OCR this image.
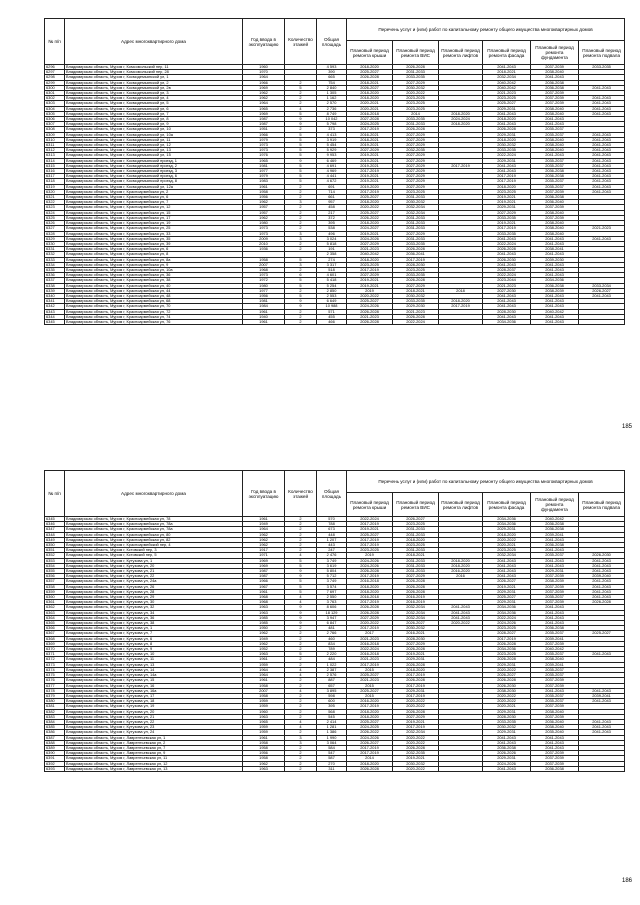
№ п/п	Адрес многоквартирного дома	Год ввода в эксплуатацию	Количество этажей	Общая площадь	Перечень услуг и (или) работ по капитальному ремонту общего имущества многоквартирных домов					
					Плановый период ремонта крыши	Плановый период ремонта ВИС	Плановый период ремонта лифтов	Плановый период ремонта фасада	Плановый период ремонта фундамента	Плановый период ремонта подвала
6296	Владимирская область, Муром г, Комсомольский пер, 11	1960		4 593	2018-2020	2026-2028		2041-2043	2037-2039	2033-2035
6297	Владимирская область, Муром г, Комсомольский пер, 28	1970		390	2025-2027	2031-2033		2018-2021	2038-2040	
6298	Владимирская область, Муром г, Космодемьянской ул, 1	1964		665	2026-2028	2033-2035		2032-2034	2041-2043	
6299	Владимирская область, Муром г, Космодемьянской ул, 2	1966	2	754	2018-2021	2027-2029		2040-2042	2036-2038	
6300	Владимирская область, Муром г, Космодемьянской ул, 2в	1969	5	2 840	2026-2027	2030-2032		2040-2042	2036-2038	2041-2043
6301	Владимирская область, Муром г, Космодемьянской ул, 3	1962	2	1 305	2018-2020	2020-2022		2021-2023	2037-2039	
6302	Владимирская область, Муром г, Космодемьянской ул, 4	1962	2	1 162	2018-2020	2023-2025		2023-2025	2037-2039	2041-2043
6303	Владимирская область, Муром г, Космодемьянской ул, 5	1964	2	2 570	2020-2021	2023-2025		2025-2027	2037-2039	2041-2043
6304	Владимирская область, Муром г, Космодемьянской ул, 6	1965	4	2 736	2020-2021	2023-2025		2029-2031	2038-2040	2041-2043
6305	Владимирская область, Муром г, Космодемьянской ул, 7	1969	5	8 749	2016-2018	2014	2018-2020	2041-2043	2038-2040	2041-2043
6306	Владимирская область, Муром г, Космодемьянской ул, 8	1987	9	10 042	2027-2028	2033-2035	2024-2024	2018-2020	2041-2043	
6307	Владимирская область, Муром г, Космодемьянской ул, 9	1987	9	5 798	2024-2025	2031-2033	2018-2020	2041-2043	2041-2043	
6308	Владимирская область, Муром г, Космодемьянской ул, 10	1951	2	373	2017-2019	2026-2028		2026-2028	2035-2037	
6309	Владимирская область, Муром г, Космодемьянской ул, 10а	1966	5	4 413	2016-2021	2027-2029		2029-2031	2035-2037	2041-2043
6310	Владимирская область, Муром г, Космодемьянской ул, 11	1979	5	3 919	2018-2021	2027-2029		2018-2020	2038-2040	2041-2043
6311	Владимирская область, Муром г, Космодемьянской ул, 12	1973	5	5 454	2019-2021	2027-2029		2030-2032	2038-2040	2041-2043
6312	Владимирская область, Муром г, Космодемьянской ул, 13	1973	5	5 929	2027-2029	2032-2035		2033-2035	2038-2040	2041-2043
6313	Владимирская область, Муром г, Космодемьянской ул, 15	1976	5	9 953	2019-2021	2027-2029		2022-2024	2041-2043	2041-2043
6314	Владимирская область, Муром г, Космодемьянский проезд, 1	1965	9	6 469	2019-2021	2027-2029		2029-2031	2035-2037	2041-2043
6315	Владимирская область, Муром г, Космодемьянский проезд, 2	1981	5	4 691	2019-2021	2027-2029	2017-2019	2041-2043	2035-2037	2041-2043
6316	Владимирская область, Муром г, Космодемьянский проезд, 3	1977	5	4 969	2017-2019	2027-2029		2041-2043	2036-2038	2041-2043
6317	Владимирская область, Муром г, Космодемьянский проезд, 6	1979	5	4 441	2019-2021	2027-2029		2017-2019	2036-2038	2041-2043
6318	Владимирская область, Муром г, Космодемьянской проезд, 8	1983	5	4 672	2019-2021	2027-2029		2017-2019	2035-2037	2041-2043
6319	Владимирская область, Муром г, Космодемьянской ул, 12а	1961	2	691	2019-2020	2027-2029		2018-2020	2035-2037	2041-2043
6320	Владимирская область, Муром г, Красноармейская ул, 2	1958	2	714	2017-2019	2023-2025		2023-2025	2037-2039	2041-2043
6321	Владимирская область, Муром г, Красноармейская ул, 6	1956	2	661	2025-2027	2031-2033		2019-2021	2036-2038	
6322	Владимирская область, Муром г, Красноармейская ул, 7	1962	3	957	2018-2020	2030-2032		2019-2021	2036-2040	
6323	Владимирская область, Муром г, Красноармейская ул, 12	1957	2	458	2020-2022	2032-2034		2029-2031	2037-2039	
6324	Владимирская область, Муром г, Красноармейская ул, 15	1957	2	217	2025-2027	2032-2034		2027-2029	2038-2040	
6325	Владимирская область, Муром г, Красноармейская ул, 17	1962	2	372	2026-2022	2031-2033		2033-2035	2037-2039	
6326	Владимирская область, Муром г, Красноармейская ул, 19	1980	2	395	2018-2020	2031-2033		2019-2021	2038-2040	
6327	Владимирская область, Муром г, Красноармейская ул, 25	1973	2	538	2024-2027	2031-2033		2017-2019	2038-2040	2021-2023
6328	Владимирская область, Муром г, Красноармейская ул, 33	1973	3	496	2019-2021	2027-2029		2033-2035	2038-2040	
6329	Владимирская область, Муром г, Красноармейская ул, 35	2009	3	3 024	2024-2026	2031-2033		2041-2043	2041-2043	2041-2043
6330	Владимирская область, Муром г, Красноармейская ул, 39	2010	2	5 818	2027-2029	2033-2035		2022-2024	2041-2043	
6331	Владимирская область, Муром г, Красноармейская ул, 6	1936	2	191	2021-2023	2026-2028		2026-2028	2038-2041	
6332	Владимирская область, Муром г, Красноармейская ул, 8			2 358	2040-2042	2036-2041		2041-2043	2041-2043	
6333	Владимирская область, Муром г, Красноармейская ул, 8а	1958	5	274	2018-2020	2017-2019		2026-2030	2039-2030	
6334	Владимирская область, Муром г, Красноармейская ул, 9	2007	3	3 317	2023-2025	2028-2030		2041-2043	2041-2043	
6335	Владимирская область, Муром г, Красноармейская ул, 10а	1968	2	518	2017-2019	2023-2025		2028-2037	2041-2043	
6336	Владимирская область, Муром г, Красноармейская ул, 36	1973	6	4 601	2027-2029	2033-2035		2022-2024	2041-2043	
6337	Владимирская область, Муром г, Красноармейская ул, 38	1972	5	5 418	2019-2021	2026-2028		2023-2044	2034-2036	
6338	Владимирская область, Муром г, Красноармейская ул, 40	1980	5	5 254	2019-2021	2027-2029		2021-2023	2036-2038	2033-2034
6339	Владимирская область, Муром г, Красноармейская ул, 44	1977	2	2 850	2019	2018-2021	2018	2027-2030	2038-2039	2026-2027
6340	Владимирская область, Муром г, Красноармейская ул, 48	1956	5	2 553	2020-2022	2030-2032		2041-2043	2041-2043	2041-2043
6341	Владимирская область, Муром г, Красноармейская ул, 68	1981	9	6 649	2025-2027	2033-2035	2018-2020	2041-2043	2041-2043	
6342	Владимирская область, Муром г, Красноармейская ул, 70	1984	9	10 988	2024-2026	2029-2030	2017-2019	2041-2043	2041-2043	
6343	Владимирская область, Муром г, Красноармейская ул, 72	1961	2	571	2026-2028	2021-2023		2028-2030	2040-2042	
6344	Владимирская область, Муром г, Красноармейская ул, 74	1940	2	455	2021-2023	2026-2028		2041-2043	2041-2043	
6345	Владимирская область, Муром г, Красноармейская ул, 76	1961	2	466	2026-2028	2022-2024		2034-2036	2041-2043	
185
№ п/п	Адрес многоквартирного дома	Год ввода в эксплуатацию	Количество этажей	Общая площадь	Перечень услуг и (или) работ по капитальному ремонту общего имущества многоквартирных домов					
					Плановый период ремонта крыши	Плановый период ремонта ВИС	Плановый период ремонта лифтов	Плановый период ремонта фасада	Плановый период ремонта фундамента	Плановый период ремонта подвала
6345	Владимирская область, Муром г, Красноармейская ул, 78	1961	2	570	2022-2024	2026-2027		2034-2036	2040-2042	
6346	Владимирская область, Муром г, Красноармейская ул, 78а	1949	2	788	2017-2019	2023-2025		2034-2036	2036-2038	
6347	Владимирская область, Муром г, Красноармейская ул, 78а	1964	2	673	2019-2021	2031-2033		2029-2031	2036-2038	
6348	Владимирская область, Муром г, Красноармейская ул, 80	1962	2	448	2025-2027	2031-2033		2018-2020	2039-2041	
6349	Владимирская область, Муром г, Красноармейская ул, 82	1962	2	1 207	2017-2019	2018-2020		2020-2022	2041-2043	
6350	Владимирская область, Муром г, Красноармейский пер, 4	1962	2	443	2017-2019	2023-2025		2020-2021	2036-2038	
6351	Владимирская область, Муром г, Кстовский пер, 3	1917	2	247	2023-2025	2031-2033		2023-2025	2041-2043	
6352	Владимирская область, Муром г, Кстовский пер, 5	1971	4	2 476	2019	2018-2021		2032-2034	2035-2037	2026-2030
6353	Владимирская область, Муром г, Кутузова ул, 1	1969	5	3 749	2024-2026	2031-2033	2018-2020	2041-2043	2041-2043	2041-2043
6354	Владимирская область, Муром г, Кутузова ул, 20	1969	5	3 619	2024-2026	2031-2033	2018-2020	2041-2043	2041-2043	2041-2043
6355	Владимирская область, Муром г, Кутузова ул, 21	1987	9	5 804	2026-2028	2031-2033	2016-2020	2041-2043	2029-2031	2041-2043
6356	Владимирская область, Муром г, Кутузова ул, 22	1987	9	5 712	2017-2019	2027-2029	2016	2041-2043	2037-2039	2039-2040
6357	Владимирская область, Муром г, Кутузова ул, 24а	1966	5	3 749	2016-2018	2026-2028		2026-2027	2038-2039	2041-2043
6358	Владимирская область, Муром г, Кутузова ул, 26	1967	5	3 574	2018-2020	2026-2028		2019-2021	2037-2039	2041-2043
6359	Владимирская область, Муром г, Кутузова ул, 28	1961	5	7 697	2018-2020	2026-2028		2029-2031	2037-2039	2041-2043
6360	Владимирская область, Муром г, Кутузова ул, 29	1968	4	2 550	2016-2018	2016-2019		2025-2027	2035-2037	2041-2043
6361	Владимирская область, Муром г, Кутузова ул, 30	1968	4	3 763	2017-2019	2016-2019		2029-2031	2037-2039	2026-2028
6362	Владимирская область, Муром г, Кутузова ул, 32	1963	9	8 606	2026-2028	2032-2034	2041-2043	2034-2036	2041-2043	
6363	Владимирская область, Муром г, Кутузова ул, 34	1963	9	18 129	2026-2028	2032-2034	2041-2043	2034-2036	2041-2043	
6364	Владимирская область, Муром г, Кутузова ул, 36	1985	9	3 947	2027-2029	2032-2034	2041-2043	2022-2024	2041-2043	
6365	Владимирская область, Муром г, Кутузова ул, 38	1985	9	6 847	2020-2022	2026-2027	2020-2022	2024-2026	2041-2043	
6366	Владимирская область, Муром г, Кутузова ул, 1	1950	2	481	2017-2019	2030-2032		2023-2025	2036-2038	
6367	Владимирская область, Муром г, Кутузова ул, 7	1962	2	2 766	2017	2016-2021		2028-2027	2035-2037	2025-2027
6368	Владимирская область, Муром г, Кутузова ул, 6	1949	2	460	2021-2023	2028-2030		2017-2019	2039-2041	
6369	Владимирская область, Муром г, Кутузова ул, 8	1962	2	834	2016-2018	2027-2029		2026-2028	2037-2039	
6370	Владимирская область, Муром г, Кутузова ул, 9	1952	2	789	2022-2024	2026-2028		2034-2036	2040-2042	
6371	Владимирская область, Муром г, Кутузова ул, 10	1963	5	2 220	2016-2018	2019-2021		2023-2025	2035-2037	2041-2043
6372	Владимирская область, Муром г, Кутузова ул, 11	1961	2	484	2021-2023	2029-2031		2026-2028	2038-2040	
6373	Владимирская область, Муром г, Кутузова ул, 13	1959	2	1 022	2017-2019	2026-2028		2029-2031	2039-2041	
6374	Владимирская область, Муром г, Кутузова ул, 14	1964	4	2 387	2015	2018-2020		2020-2022	2035-2037	
6375	Владимирская область, Муром г, Кутузова ул, 14а	1964	4	2 576	2025-2027	2017-2019		2026-2027	2035-2037	
6376	Владимирская область, Муром г, Кутузова ул, 15	1961	2	887	2021-2023	2026-2028		2026-2028	2037-2039	
6377	Владимирская область, Муром г, Кутузова ул, 16	1958	2	657	2015	2017-2019		2026-2030	2037-2039	
6378	Владимирская область, Муром г, Кутузова ул, 16а	2007	4	3 895	2025-2027	2029-2031		2038-2030	2041-2043	2041-2043
6379	Владимирская область, Муром г, Кутузова ул, 17	1958	2	598	2015	2017-2019		2020-2022	2035-2037	2039-2041
6380	Владимирская область, Муром г, Кутузова ул, 18	1959	2	600	2016-2020	2020-2022		2020-2022	2035-2037	2041-2043
6381	Владимирская область, Муром г, Кутузова ул, 19	1959	2	395	2017-2019	2020-2022		2020-2021	2037-2039	
6382	Владимирская область, Муром г, Кутузова ул, 20	1960	2	568	2018-2020	2026-2028		2029-2031	2038-2040	
6383	Владимирская область, Муром г, Кутузова ул, 21	1963	2	545	2018-2020	2027-2029		2028-2030	2037-2039	
6384	Владимирская область, Муром г, Кутузова ул, 22	1965	4	2 414	2025-2027	2019-2021		2033-2035	2036-2040	2041-2043
6385	Владимирская область, Муром г, Кутузова ул, 23	1959	4	1 281	2024-2025	2017-2019		2030-2032	2038-2040	2041-2043
6386	Владимирская область, Муром г, Кутузова ул, 24	1959	2	1 386	2026-2022	2032-2034		2029-2031	2035-2040	2041-2043
6387	Владимирская область, Муром г, Лаврентьевская ул, 1	1961	3	1 990	2024-2026	2020-2022		2041-2043	2041-2043	
6388	Владимирская область, Муром г, Лаврентьевская ул, 2	1958	3	3 064	2026-2027	2020-2022		2041-2043	2041-2043	
6389	Владимирская область, Муром г, Лаврентьевская ул, 7	1958	2	584	2017-2019	2026-2028		2036-2038	2041-2043	
6390	Владимирская область, Муром г, Лаврентьевская ул, 9	1956	2	547	2017-2019	2032-2035		2026-2026	2037-2039	
6391	Владимирская область, Муром г, Лаврентьевская ул, 11	1958	2	587	2014	2019-2021		2029-2031	2037-2039	
6392	Владимирская область, Муром г, Лаврентьевская ул, 12	1962	2	270	2018-2020	2030-2032		2024-2026	2037-2039	
6393	Владимирская область, Муром г, Лаврентьевская ул, 13	1963	2	311	2026-2028	2020-2022		2041-2043	2036-2038	
186
